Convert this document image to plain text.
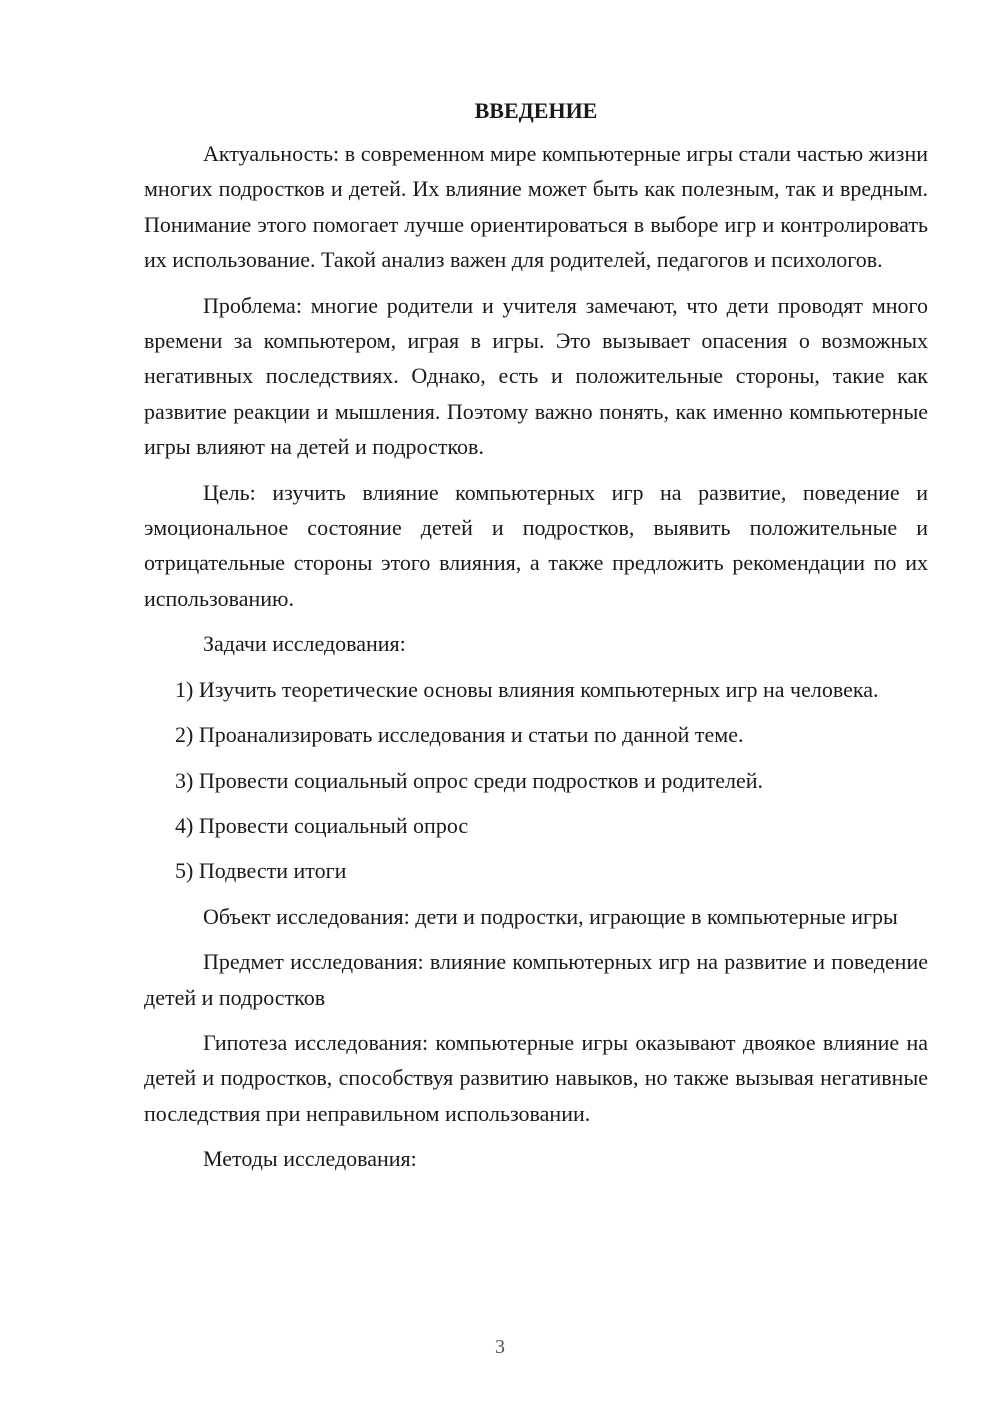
ВВЕДЕНИЕ

Актуальность: в современном мире компьютерные игры стали частью жизни многих подростков и детей. Их влияние может быть как полезным, так и вредным. Понимание этого помогает лучше ориентироваться в выборе игр и контролировать их использование. Такой анализ важен для родителей, педагогов и психологов.

Проблема: многие родители и учителя замечают, что дети проводят много времени за компьютером, играя в игры. Это вызывает опасения о возможных негативных последствиях. Однако, есть и положительные стороны, такие как развитие реакции и мышления. Поэтому важно понять, как именно компьютерные игры влияют на детей и подростков.

Цель: изучить влияние компьютерных игр на развитие, поведение и эмоциональное состояние детей и подростков, выявить положительные и отрицательные стороны этого влияния, а также предложить рекомендации по их использованию.

Задачи исследования:

1) Изучить теоретические основы влияния компьютерных игр на человека.

2) Проанализировать исследования и статьи по данной теме.

3) Провести социальный опрос среди подростков и родителей.

4) Провести социальный опрос

5) Подвести итоги

Объект исследования: дети и подростки, играющие в компьютерные игры

Предмет исследования: влияние компьютерных игр на развитие и поведение детей и подростков

Гипотеза исследования: компьютерные игры оказывают двоякое влияние на детей и подростков, способствуя развитию навыков, но также вызывая негативные последствия при неправильном использовании.

Методы исследования:

3
